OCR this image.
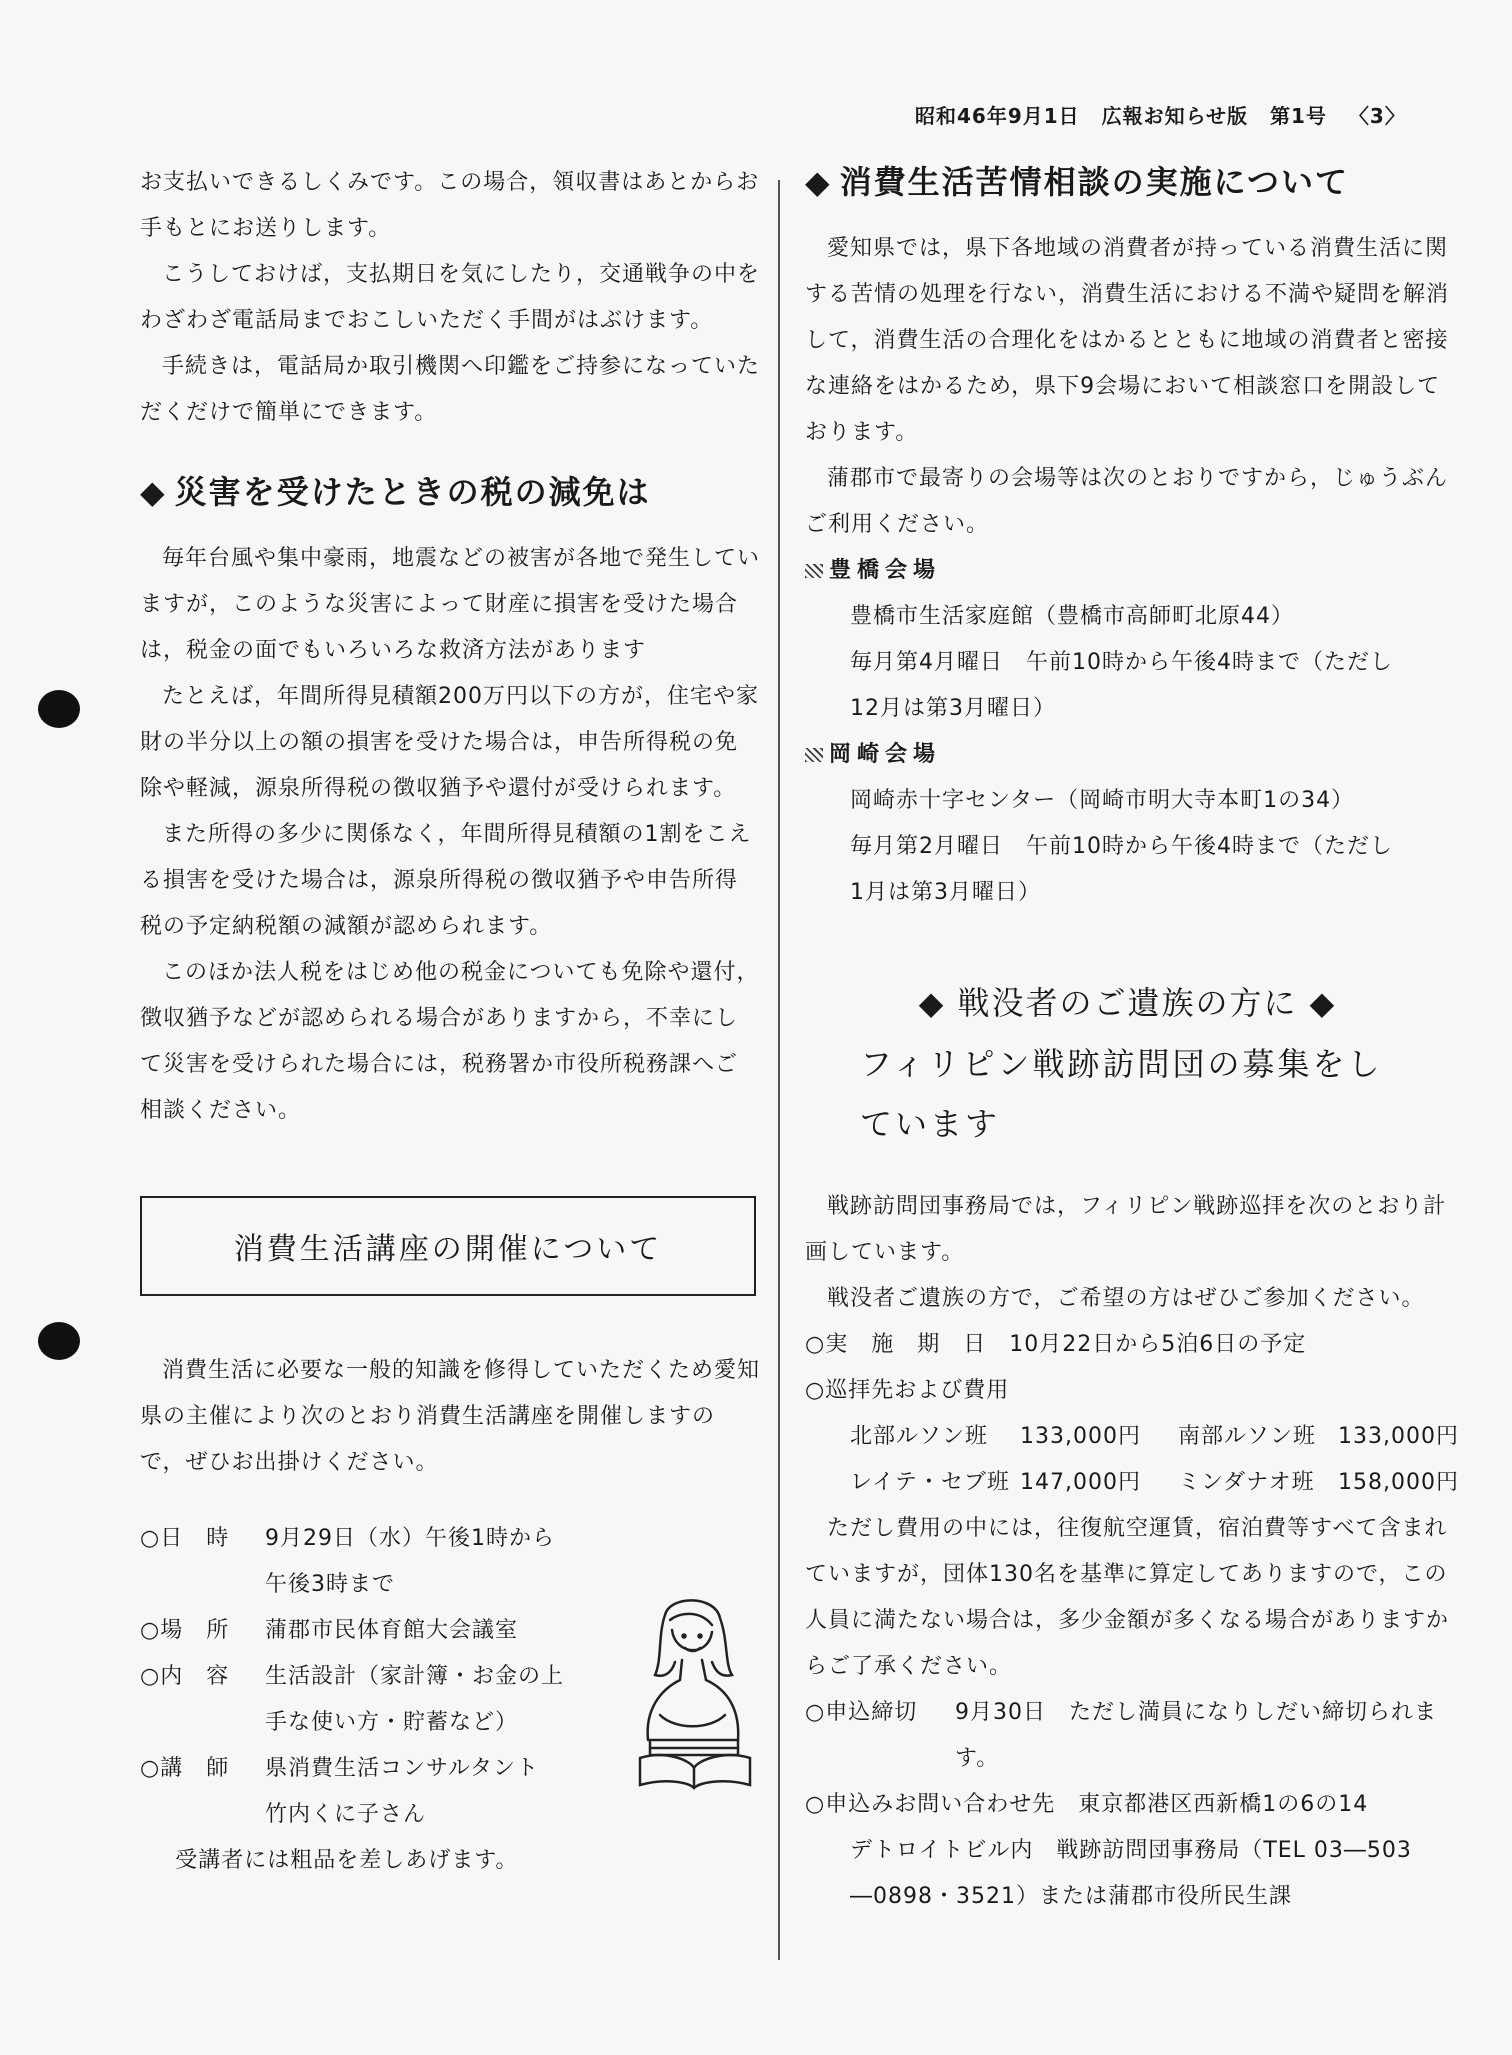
昭和46年9月1日 広報お知らせ版 第1号 〈3〉

お支払いできるしくみです。この場合，領収書はあとからお手もとにお送りします。

こうしておけば，支払期日を気にしたり，交通戦争の中をわざわざ電話局までおこしいただく手間がはぶけます。

手続きは，電話局か取引機関へ印鑑をご持参になっていただくだけで簡単にできます。

◆ 災害を受けたときの税の減免は

毎年台風や集中豪雨，地震などの被害が各地で発生していますが，このような災害によって財産に損害を受けた場合は，税金の面でもいろいろな救済方法があります

たとえば，年間所得見積額200万円以下の方が，住宅や家財の半分以上の額の損害を受けた場合は，申告所得税の免除や軽減，源泉所得税の徴収猶予や還付が受けられます。

また所得の多少に関係なく，年間所得見積額の1割をこえる損害を受けた場合は，源泉所得税の徴収猶予や申告所得税の予定納税額の減額が認められます。

このほか法人税をはじめ他の税金についても免除や還付，徴収猶予などが認められる場合がありますから，不幸にして災害を受けられた場合には，税務署か市役所税務課へご相談ください。

消費生活講座の開催について

消費生活に必要な一般的知識を修得していただくため愛知県の主催により次のとおり消費生活講座を開催しますので，ぜひお出掛けください。

○日　時	9月29日（水）午後1時から
午後3時まで
○場　所	蒲郡市民体育館大会議室
○内　容	生活設計（家計簿・お金の上
手な使い方・貯蓄など）
○講　師	県消費生活コンサルタント
竹内くに子さん

受講者には粗品を差しあげます。

◆ 消費生活苦情相談の実施について

愛知県では，県下各地域の消費者が持っている消費生活に関する苦情の処理を行ない，消費生活における不満や疑問を解消して，消費生活の合理化をはかるとともに地域の消費者と密接な連絡をはかるため，県下9会場において相談窓口を開設しております。

蒲郡市で最寄りの会場等は次のとおりですから，じゅうぶんご利用ください。

豊橋会場
豊橋市生活家庭館（豊橋市高師町北原44）
毎月第4月曜日　午前10時から午後4時まで（ただし
12月は第3月曜日）
岡崎会場
岡崎赤十字センター（岡崎市明大寺本町1の34）
毎月第2月曜日　午前10時から午後4時まで（ただし
1月は第3月曜日）
◆ 戦没者のご遺族の方に ◆
フィリピン戦跡訪問団の募集をし
ています

戦跡訪問団事務局では，フィリピン戦跡巡拝を次のとおり計画しています。

戦没者ご遺族の方で，ご希望の方はぜひご参加ください。

○実　施　期　日　 10月22日から5泊6日の予定
○巡拝先および費用
北部ルソン班 133,000円 南部ルソン班 133,000円
レイテ・セブ班 147,000円 ミンダナオ班 158,000円

ただし費用の中には，往復航空運賃，宿泊費等すべて含まれていますが，団体130名を基準に算定してありますので，この人員に満たない場合は，多少金額が多くなる場合がありますからご了承ください。

○申込締切	9月30日　ただし満員になりしだい締切られます。
○申込みお問い合わせ先　 東京都港区西新橋1の6の14
デトロイトビル内　戦跡訪問団事務局（TEL 03―503
―0898・3521）または蒲郡市役所民生課
